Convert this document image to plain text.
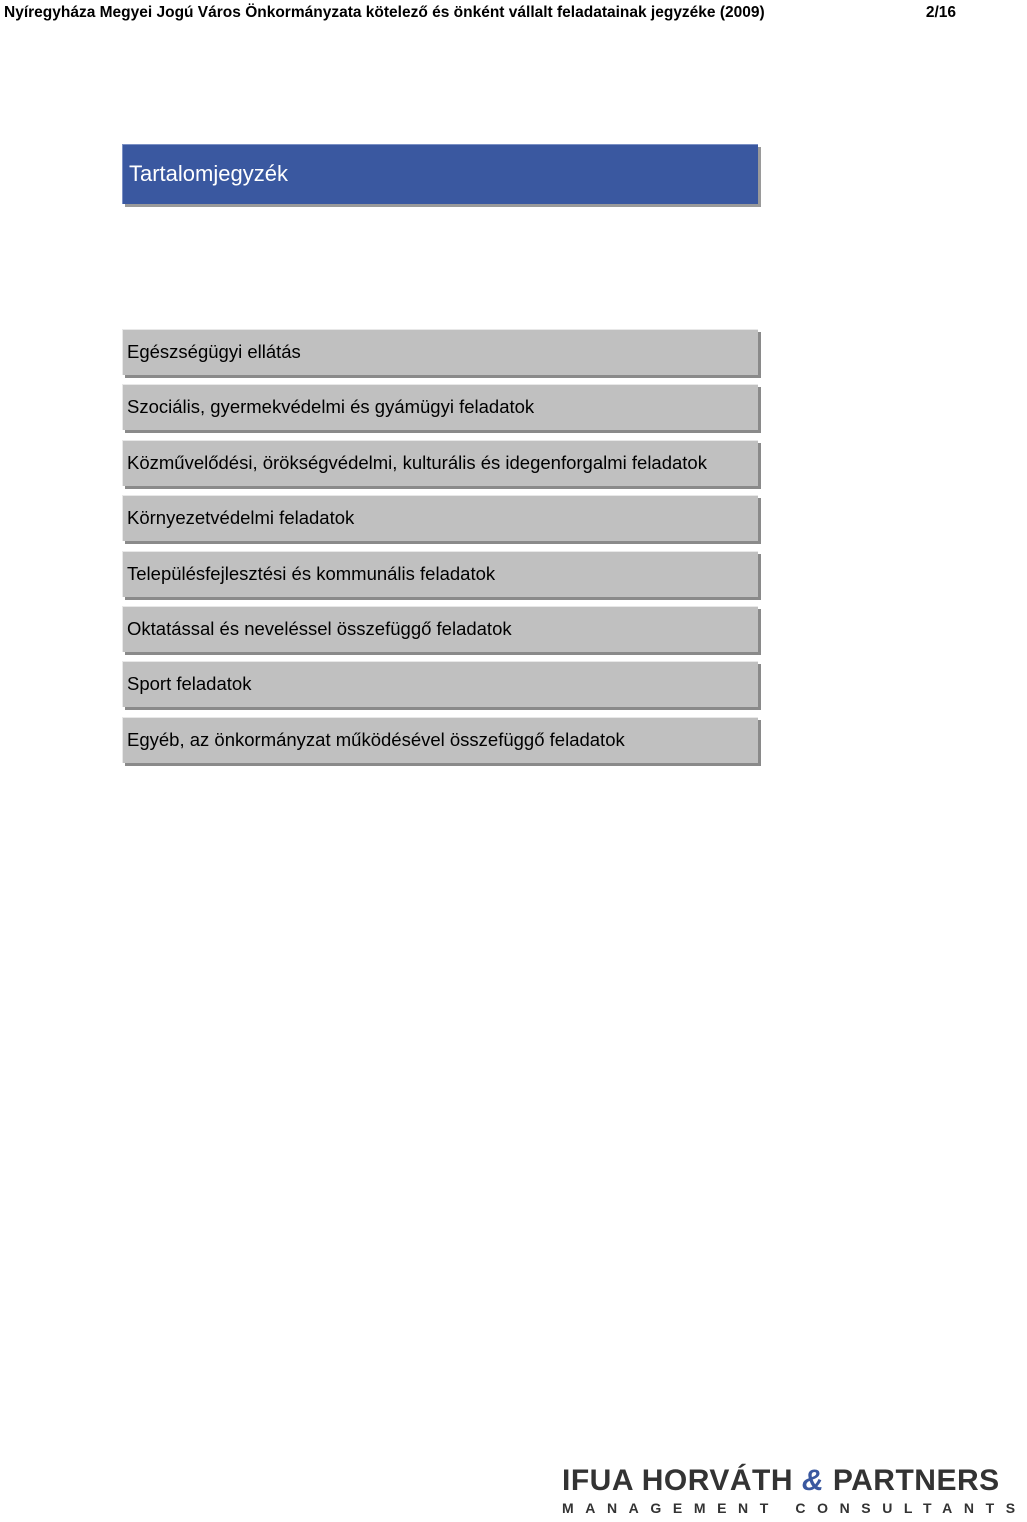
Nyíregyháza Megyei Jogú Város Önkormányzata kötelező és önként vállalt feladatainak jegyzéke (2009)	2/16
Tartalomjegyzék
Egészségügyi ellátás
Szociális, gyermekvédelmi és gyámügyi feladatok
Közművelődési, örökségvédelmi, kulturális és idegenforgalmi feladatok
Környezetvédelmi feladatok
Településfejlesztési és kommunális feladatok
Oktatással és neveléssel összefüggő feladatok
Sport feladatok
Egyéb, az önkormányzat működésével összefüggő feladatok
IFUA HORVÁTH & PARTNERS
MANAGEMENT CONSULTANTS
